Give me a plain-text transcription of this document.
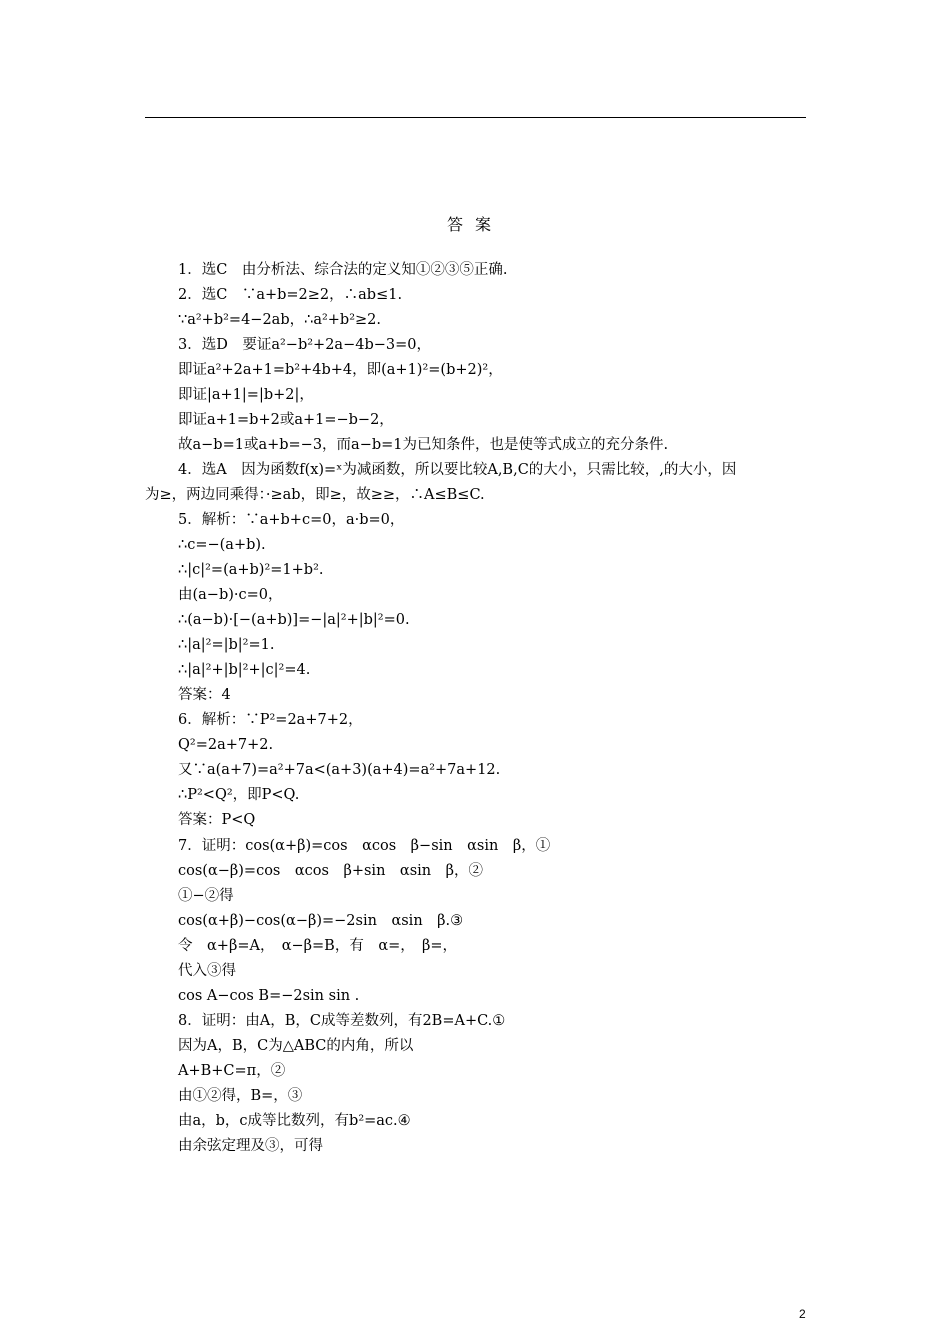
答案
1．选C　由分析法、综合法的定义知①②③⑤正确.
2．选C　∵a+b=2≥2，∴ab≤1.
∵a²+b²=4−2ab，∴a²+b²≥2.
3．选D　要证a²−b²+2a−4b−3=0，
即证a²+2a+1=b²+4b+4，即(a+1)²=(b+2)²，
即证|a+1|=|b+2|，
即证a+1=b+2或a+1=−b−2，
故a−b=1或a+b=−3，而a−b=1为已知条件，也是使等式成立的充分条件.
4．选A　因为函数f(x)=ˣ为减函数，所以要比较A,B,C的大小，只需比较，,的大小，因
为≥，两边同乘得：·≥ab，即≥，故≥≥，∴A≤B≤C.
5．解析：∵a+b+c=0，a·b=0，
∴c=−(a+b).
∴|c|²=(a+b)²=1+b².
由(a−b)·c=0，
∴(a−b)·[−(a+b)]=−|a|²+|b|²=0.
∴|a|²=|b|²=1.
∴|a|²+|b|²+|c|²=4.
答案：4
6．解析：∵P²=2a+7+2，
Q²=2a+7+2.
又∵a(a+7)=a²+7a<(a+3)(a+4)=a²+7a+12.
∴P²<Q²，即P<Q.
答案：P<Q
7．证明：cos(α+β)=cos　αcos　β−sin　αsin　β，①
cos(α−β)=cos　αcos　β+sin　αsin　β，②
①−②得
cos(α+β)−cos(α−β)=−2sin　αsin　β.③
令　α+β=A，　α−β=B，有　α=，　β=，
代入③得
cos A−cos B=−2sin sin .
8．证明：由A，B，C成等差数列，有2B=A+C.①
因为A，B，C为△ABC的内角，所以
A+B+C=π，②
由①②得，B=，③
由a，b，c成等比数列，有b²=ac.④
由余弦定理及③，可得
2
